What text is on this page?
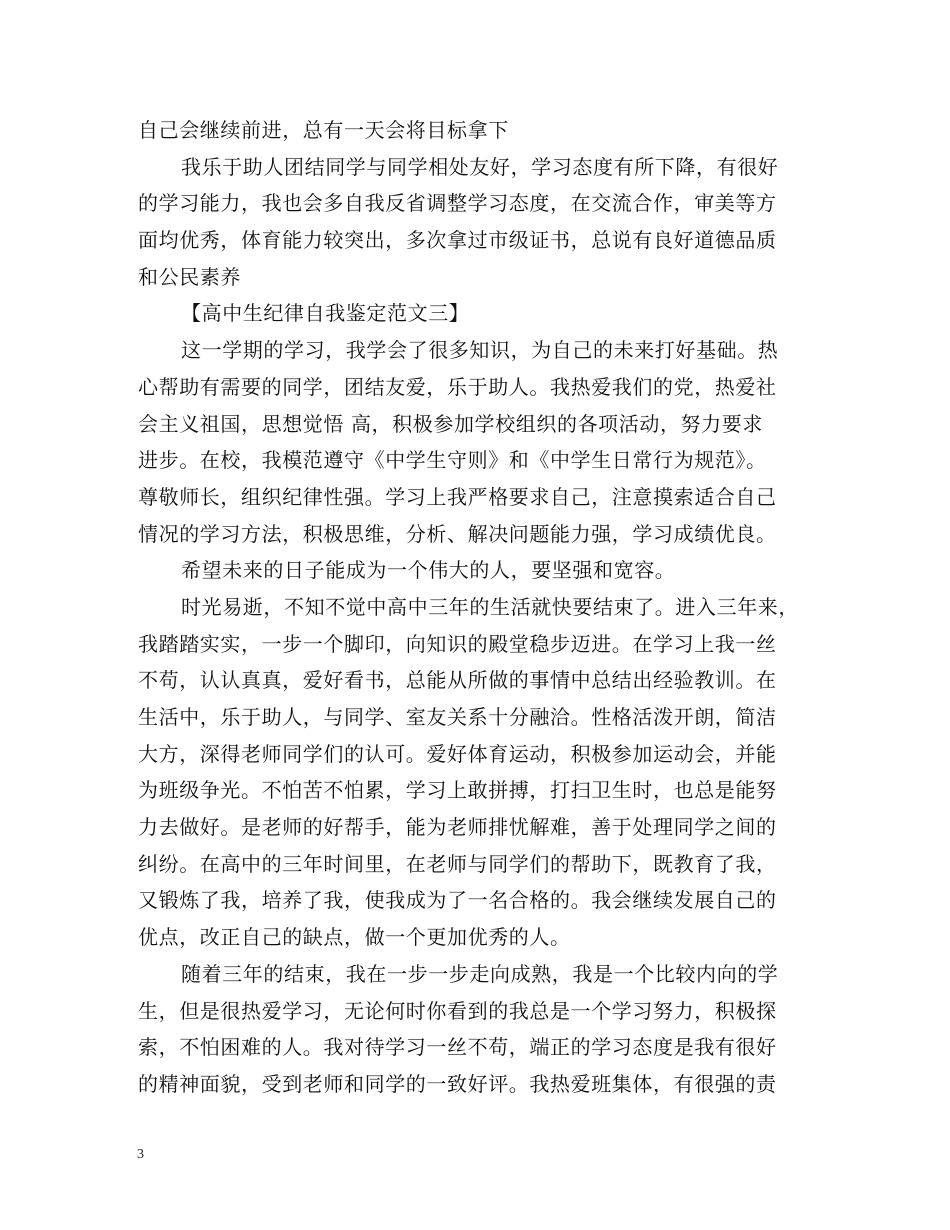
自己会继续前进，总有一天会将目标拿下

我乐于助人团结同学与同学相处友好，学习态度有所下降，有很好

的学习能力，我也会多自我反省调整学习态度，在交流合作，审美等方

面均优秀，体育能力较突出，多次拿过市级证书，总说有良好道德品质

和公民素养

【高中生纪律自我鉴定范文三】

这一学期的学习，我学会了很多知识，为自己的未来打好基础。热

心帮助有需要的同学，团结友爱，乐于助人。我热爱我们的党，热爱社

会主义祖国，思想觉悟 高，积极参加学校组织的各项活动，努力要求

进步。在校，我模范遵守《中学生守则》和《中学生日常行为规范》。

尊敬师长，组织纪律性强。学习上我严格要求自己，注意摸索适合自己

情况的学习方法，积极思维，分析、解决问题能力强，学习成绩优良。

希望未来的日子能成为一个伟大的人，要坚强和宽容。

时光易逝，不知不觉中高中三年的生活就快要结束了。进入三年来，

我踏踏实实，一步一个脚印，向知识的殿堂稳步迈进。在学习上我一丝

不苟，认认真真，爱好看书，总能从所做的事情中总结出经验教训。在

生活中，乐于助人，与同学、室友关系十分融洽。性格活泼开朗，简洁

大方，深得老师同学们的认可。爱好体育运动，积极参加运动会，并能

为班级争光。不怕苦不怕累，学习上敢拼搏，打扫卫生时，也总是能努

力去做好。是老师的好帮手，能为老师排忧解难，善于处理同学之间的

纠纷。在高中的三年时间里，在老师与同学们的帮助下，既教育了我，

又锻炼了我，培养了我，使我成为了一名合格的。我会继续发展自己的

优点，改正自己的缺点，做一个更加优秀的人。

随着三年的结束，我在一步一步走向成熟，我是一个比较内向的学

生，但是很热爱学习，无论何时你看到的我总是一个学习努力，积极探

索，不怕困难的人。我对待学习一丝不苟，端正的学习态度是我有很好

的精神面貌，受到老师和同学的一致好评。我热爱班集体，有很强的责

3
